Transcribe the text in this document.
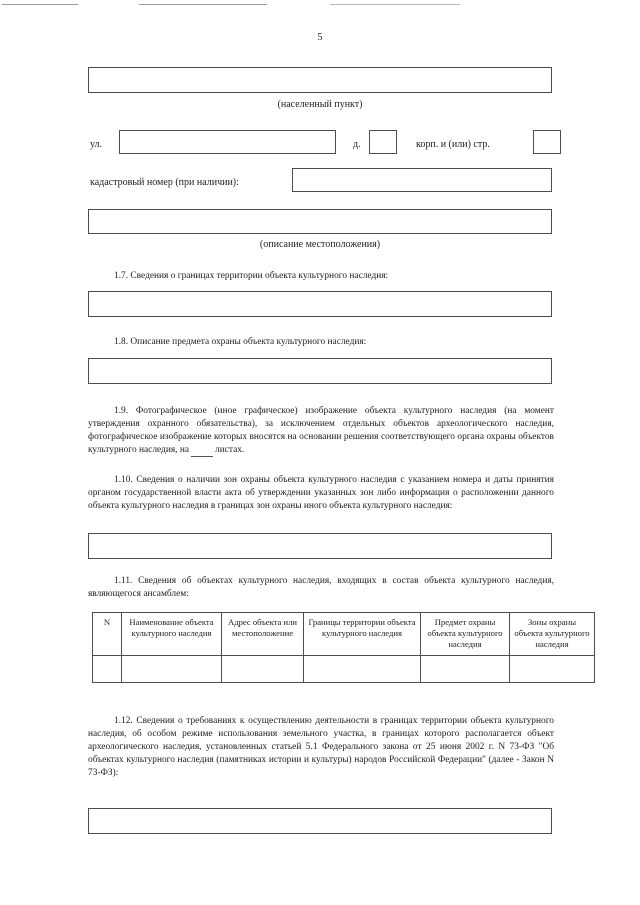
5
(населенный пункт)
ул.	д.	корп. и (или) стр.
кадастровый номер (при наличии):
(описание местоположения)
1.7. Сведения о границах территории объекта культурного наследия:
1.8. Описание предмета охраны объекта культурного наследия:
1.9. Фотографическое (иное графическое) изображение объекта культурного наследия (на момент утверждения охранного обязательства), за исключением отдельных объектов археологического наследия, фотографическое изображение которых вносятся на основании решения соответствующего органа охраны объектов культурного наследия, на	листах.
1.10. Сведения о наличии зон охраны объекта культурного наследия с указанием номера и даты принятия органом государственной власти акта об утверждении указанных зон либо информация о расположении данного объекта культурного наследия в границах зон охраны иного объекта культурного наследия:
1.11. Сведения об объектах культурного наследия, входящих в состав объекта культурного наследия, являющегося ансамблем:
N	Наименование объекта культурного наследия	Адрес объекта или местоположение	Границы территории объекта культурного наследия	Предмет охраны объекта культурного наследия	Зоны охраны объекта культурного наследия

1.12. Сведения о требованиях к осуществлению деятельности в границах территории объекта культурного наследия, об особом режиме использования земельного участка, в границах которого располагается объект археологического наследия, установленных статьей 5.1 Федерального закона от 25 июня 2002 г. N 73-ФЗ "Об объектах культурного наследия (памятниках истории и культуры) народов Российской Федерации" (далее - Закон N 73-ФЗ):
